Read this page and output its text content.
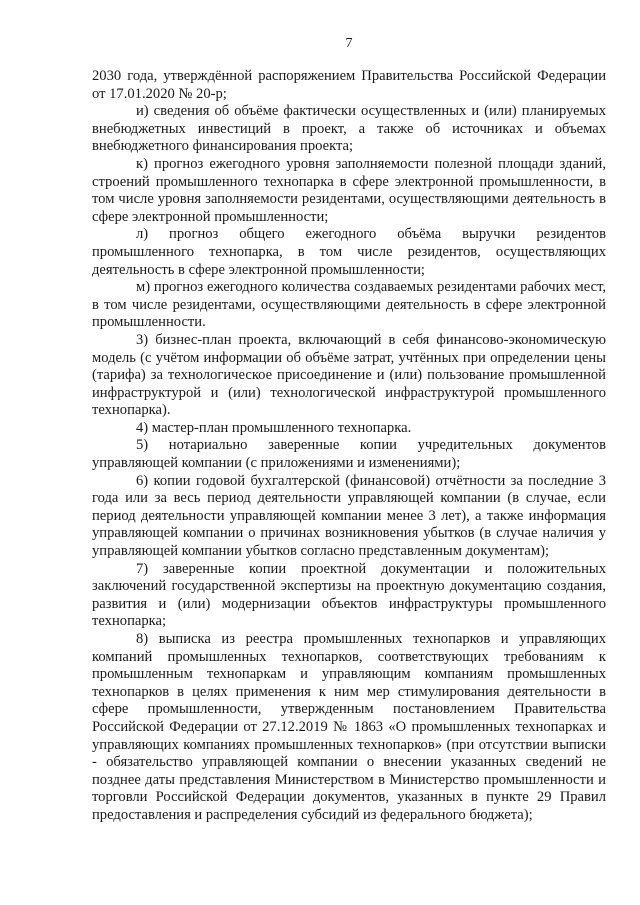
7

2030 года, утверждённой распоряжением Правительства Российской Федерации от 17.01.2020 № 20-р;

и) сведения об объёме фактически осуществленных и (или) планируемых внебюджетных инвестиций в проект, а также об источниках и объемах внебюджетного финансирования проекта;

к) прогноз ежегодного уровня заполняемости полезной площади зданий, строений промышленного технопарка в сфере электронной промышленности, в том числе уровня заполняемости резидентами, осуществляющими деятельность в сфере электронной промышленности;

л) прогноз общего ежегодного объёма выручки резидентов промышленного технопарка, в том числе резидентов, осуществляющих деятельность в сфере электронной промышленности;

м) прогноз ежегодного количества создаваемых резидентами рабочих мест, в том числе резидентами, осуществляющими деятельность в сфере электронной промышленности.

3) бизнес-план проекта, включающий в себя финансово-экономическую модель (с учётом информации об объёме затрат, учтённых при определении цены (тарифа) за технологическое присоединение и (или) пользование промышленной инфраструктурой и (или) технологической инфраструктурой промышленного технопарка).

4) мастер-план промышленного технопарка.

5) нотариально заверенные копии учредительных документов управляющей компании (с приложениями и изменениями);

6) копии годовой бухгалтерской (финансовой) отчётности за последние 3 года или за весь период деятельности управляющей компании (в случае, если период деятельности управляющей компании менее 3 лет), а также информация управляющей компании о причинах возникновения убытков (в случае наличия у управляющей компании убытков согласно представленным документам);

7) заверенные копии проектной документации и положительных заключений государственной экспертизы на проектную документацию создания, развития и (или) модернизации объектов инфраструктуры промышленного технопарка;

8) выписка из реестра промышленных технопарков и управляющих компаний промышленных технопарков, соответствующих требованиям к промышленным технопаркам и управляющим компаниям промышленных технопарков в целях применения к ним мер стимулирования деятельности в сфере промышленности, утвержденным постановлением Правительства Российской Федерации от 27.12.2019 № 1863 «О промышленных технопарках и управляющих компаниях промышленных технопарков» (при отсутствии выписки - обязательство управляющей компании о внесении указанных сведений не позднее даты представления Министерством в Министерство промышленности и торговли Российской Федерации документов, указанных в пункте 29 Правил предоставления и распределения субсидий из федерального бюджета);
